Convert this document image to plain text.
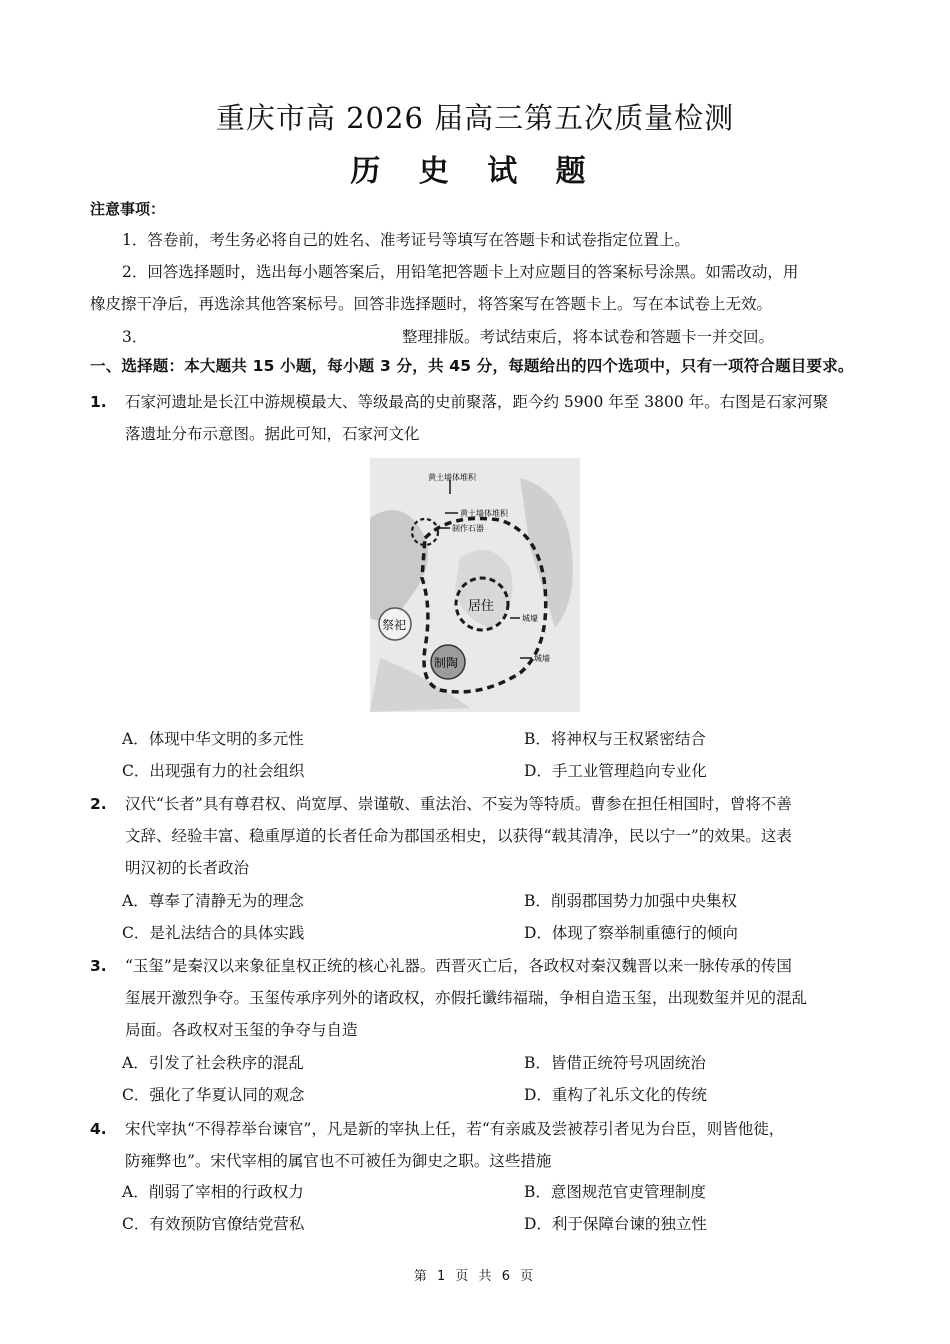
重庆市高 2026 届高三第五次质量检测
历 史 试 题
注意事项：
1．答卷前，考生务必将自己的姓名、准考证号等填写在答题卡和试卷指定位置上。
2．回答选择题时，选出每小题答案后，用铅笔把答题卡上对应题目的答案标号涂黑。如需改动，用
橡皮擦干净后，再选涂其他答案标号。回答非选择题时，将答案写在答题卡上。写在本试卷上无效。
3．	整理排版。考试结束后，将本试卷和答题卡一并交回。
一、选择题：本大题共 15 小题，每小题 3 分，共 45 分，每题给出的四个选项中，只有一项符合题目要求。
1. 石家河遗址是长江中游规模最大、等级最高的史前聚落，距今约 5900 年至 3800 年。右图是石家河聚
落遗址分布示意图。据此可知，石家河文化
黄土墙体堆积
黄土墙体堆积
制作石器
居住
祭祀
制陶
城壕
城墙
A．体现中华文明的多元性	B．将神权与王权紧密结合
C．出现强有力的社会组织	D．手工业管理趋向专业化
2. 汉代“长者”具有尊君权、尚宽厚、崇谨敬、重法治、不妄为等特质。曹参在担任相国时，曾将不善
文辞、经验丰富、稳重厚道的长者任命为郡国丞相史，以获得“载其清净，民以宁一”的效果。这表
明汉初的长者政治
A．尊奉了清静无为的理念	B．削弱郡国势力加强中央集权
C．是礼法结合的具体实践	D．体现了察举制重德行的倾向
3. “玉玺”是秦汉以来象征皇权正统的核心礼器。西晋灭亡后，各政权对秦汉魏晋以来一脉传承的传国
玺展开激烈争夺。玉玺传承序列外的诸政权，亦假托谶纬福瑞，争相自造玉玺，出现数玺并见的混乱
局面。各政权对玉玺的争夺与自造
A．引发了社会秩序的混乱	B．皆借正统符号巩固统治
C．强化了华夏认同的观念	D．重构了礼乐文化的传统
4. 宋代宰执“不得荐举台谏官”，凡是新的宰执上任，若“有亲戚及尝被荐引者见为台臣，则皆他徙，
防雍弊也”。宋代宰相的属官也不可被任为御史之职。这些措施
A．削弱了宰相的行政权力	B．意图规范官吏管理制度
C．有效预防官僚结党营私	D．利于保障台谏的独立性
第 1 页 共 6 页
